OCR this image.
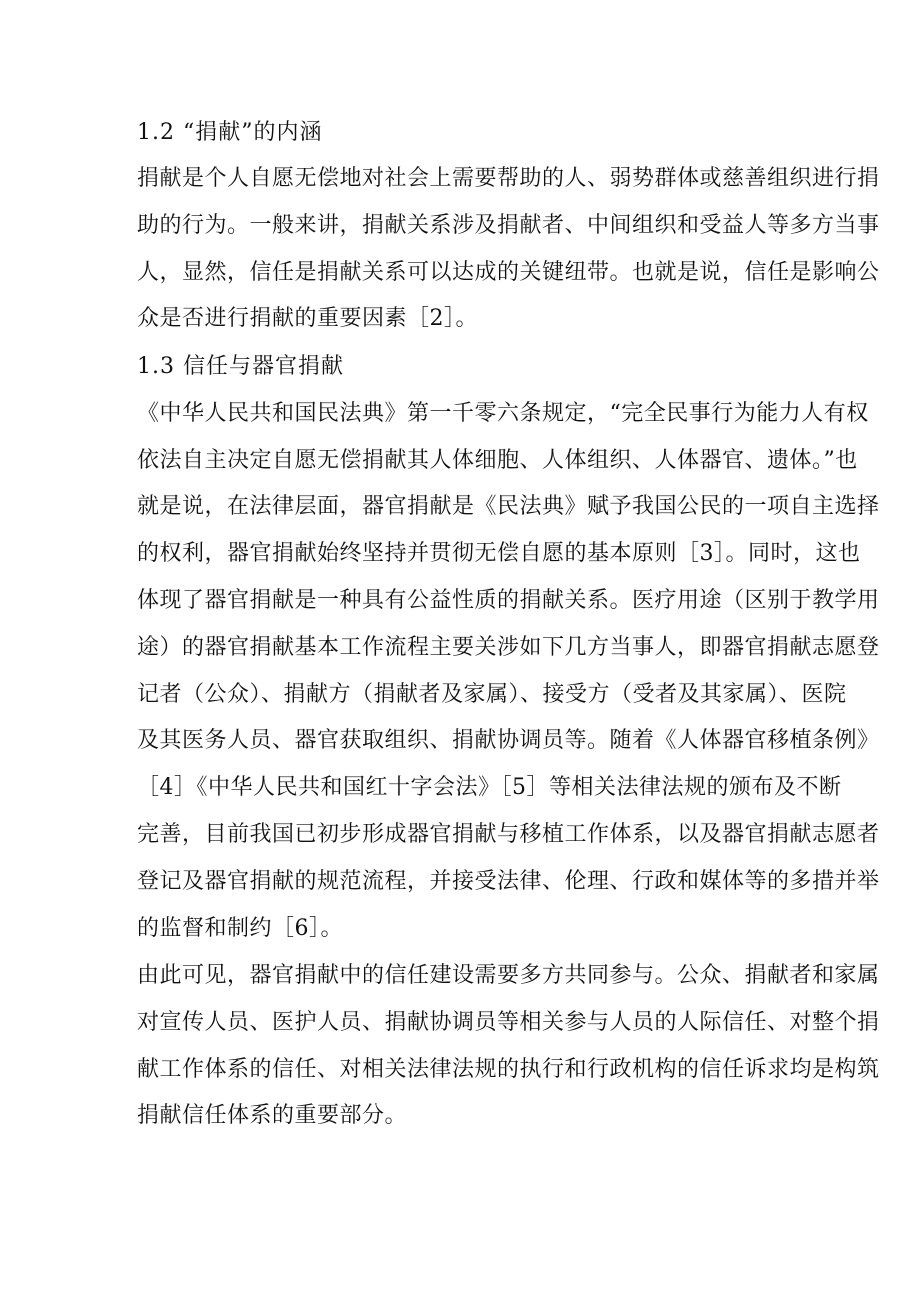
1.2 “捐献”的内涵
捐献是个人自愿无偿地对社会上需要帮助的人、弱势群体或慈善组织进行捐
助的行为。一般来讲，捐献关系涉及捐献者、中间组织和受益人等多方当事
人，显然，信任是捐献关系可以达成的关键纽带。也就是说，信任是影响公
众是否进行捐献的重要因素［2］。
1.3 信任与器官捐献
《中华人民共和国民法典》第一千零六条规定，“完全民事行为能力人有权
依法自主决定自愿无偿捐献其人体细胞、人体组织、人体器官、遗体。”也
就是说，在法律层面，器官捐献是《民法典》赋予我国公民的一项自主选择
的权利，器官捐献始终坚持并贯彻无偿自愿的基本原则［3］。同时，这也
体现了器官捐献是一种具有公益性质的捐献关系。医疗用途（区别于教学用
途）的器官捐献基本工作流程主要关涉如下几方当事人，即器官捐献志愿登
记者（公众）、捐献方（捐献者及家属）、接受方（受者及其家属）、医院
及其医务人员、器官获取组织、捐献协调员等。随着《人体器官移植条例》
［4］《中华人民共和国红十字会法》［5］等相关法律法规的颁布及不断
完善，目前我国已初步形成器官捐献与移植工作体系，以及器官捐献志愿者
登记及器官捐献的规范流程，并接受法律、伦理、行政和媒体等的多措并举
的监督和制约［6］。
由此可见，器官捐献中的信任建设需要多方共同参与。公众、捐献者和家属
对宣传人员、医护人员、捐献协调员等相关参与人员的人际信任、对整个捐
献工作体系的信任、对相关法律法规的执行和行政机构的信任诉求均是构筑
捐献信任体系的重要部分。
